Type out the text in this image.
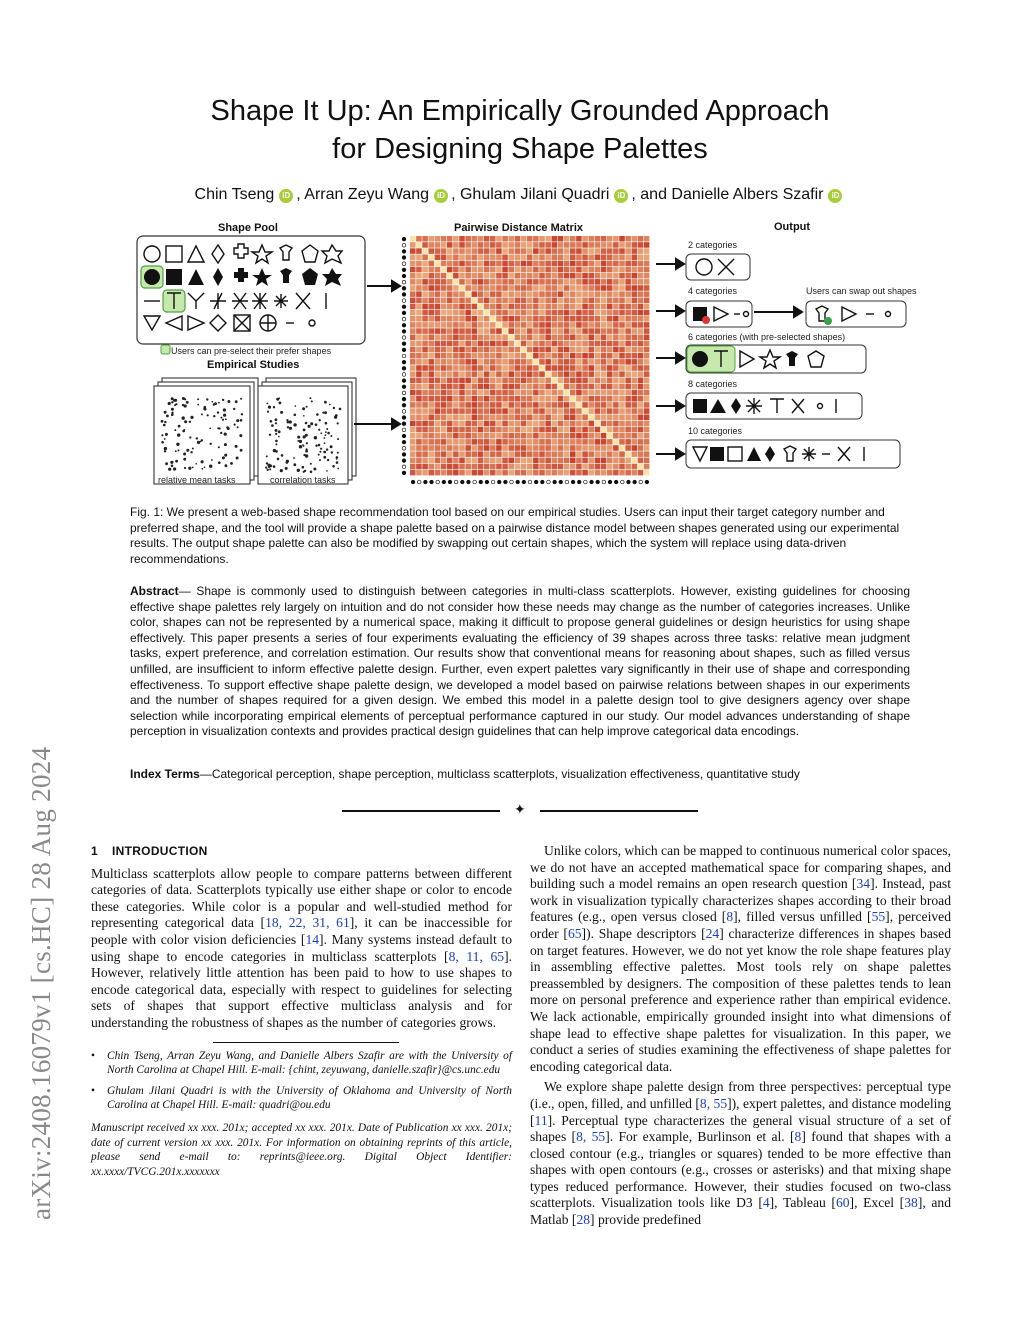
arXiv:2408.16079v1 [cs.HC] 28 Aug 2024
Shape It Up: An Empirically Grounded Approach
for Designing Shape Palettes
Chin Tseng iD , Arran Zeyu Wang iD , Ghulam Jilani Quadri iD , and Danielle Albers Szafir iD
Shape Pool	Pairwise Distance Matrix	Output
Users can pre-select their prefer shapes
Empirical Studies
relative mean tasks	correlation tasks
2 categories
4 categories	Users can swap out shapes
6 categories (with pre-selected shapes)
8 categories
10 categories
Fig. 1: We present a web-based shape recommendation tool based on our empirical studies. Users can input their target category number and preferred shape, and the tool will provide a shape palette based on a pairwise distance model between shapes generated using our experimental results. The output shape palette can also be modified by swapping out certain shapes, which the system will replace using data-driven recommendations.
Abstract— Shape is commonly used to distinguish between categories in multi-class scatterplots. However, existing guidelines for choosing effective shape palettes rely largely on intuition and do not consider how these needs may change as the number of categories increases. Unlike color, shapes can not be represented by a numerical space, making it difficult to propose general guidelines or design heuristics for using shape effectively. This paper presents a series of four experiments evaluating the efficiency of 39 shapes across three tasks: relative mean judgment tasks, expert preference, and correlation estimation. Our results show that conventional means for reasoning about shapes, such as filled versus unfilled, are insufficient to inform effective palette design. Further, even expert palettes vary significantly in their use of shape and corresponding effectiveness. To support effective shape palette design, we developed a model based on pairwise relations between shapes in our experiments and the number of shapes required for a given design. We embed this model in a palette design tool to give designers agency over shape selection while incorporating empirical elements of perceptual performance captured in our study. Our model advances understanding of shape perception in visualization contexts and provides practical design guidelines that can help improve categorical data encodings.
Index Terms—Categorical perception, shape perception, multiclass scatterplots, visualization effectiveness, quantitative study
✦
1 INTRODUCTION

Multiclass scatterplots allow people to compare patterns between different categories of data. Scatterplots typically use either shape or color to encode these categories. While color is a popular and well-studied method for representing categorical data [18, 22, 31, 61], it can be inaccessible for people with color vision deficiencies [14]. Many systems instead default to using shape to encode categories in multiclass scatterplots [8, 11, 65]. However, relatively little attention has been paid to how to use shapes to encode categorical data, especially with respect to guidelines for selecting sets of shapes that support effective multiclass analysis and for understanding the robustness of shapes as the number of categories grows.

• Chin Tseng, Arran Zeyu Wang, and Danielle Albers Szafir are with the University of North Carolina at Chapel Hill. E-mail: {chint, zeyuwang, danielle.szafir}@cs.unc.edu
• Ghulam Jilani Quadri is with the University of Oklahoma and University of North Carolina at Chapel Hill. E-mail: quadri@ou.edu
Manuscript received xx xxx. 201x; accepted xx xxx. 201x. Date of Publication xx xxx. 201x; date of current version xx xxx. 201x. For information on obtaining reprints of this article, please send e-mail to: reprints@ieee.org. Digital Object Identifier: xx.xxxx/TVCG.201x.xxxxxxx

Unlike colors, which can be mapped to continuous numerical color spaces, we do not have an accepted mathematical space for comparing shapes, and building such a model remains an open research question [34]. Instead, past work in visualization typically characterizes shapes according to their broad features (e.g., open versus closed [8], filled versus unfilled [55], perceived order [65]). Shape descriptors [24] characterize differences in shapes based on target features. However, we do not yet know the role shape features play in assembling effective palettes. Most tools rely on shape palettes preassembled by designers. The composition of these palettes tends to lean more on personal preference and experience rather than empirical evidence. We lack actionable, empirically grounded insight into what dimensions of shape lead to effective shape palettes for visualization. In this paper, we conduct a series of studies examining the effectiveness of shape palettes for encoding categorical data.

We explore shape palette design from three perspectives: perceptual type (i.e., open, filled, and unfilled [8, 55]), expert palettes, and distance modeling [11]. Perceptual type characterizes the general visual structure of a set of shapes [8, 55]. For example, Burlinson et al. [8] found that shapes with a closed contour (e.g., triangles or squares) tended to be more effective than shapes with open contours (e.g., crosses or asterisks) and that mixing shape types reduced performance. However, their studies focused on two-class scatterplots. Visualization tools like D3 [4], Tableau [60], Excel [38], and Matlab [28] provide predefined
